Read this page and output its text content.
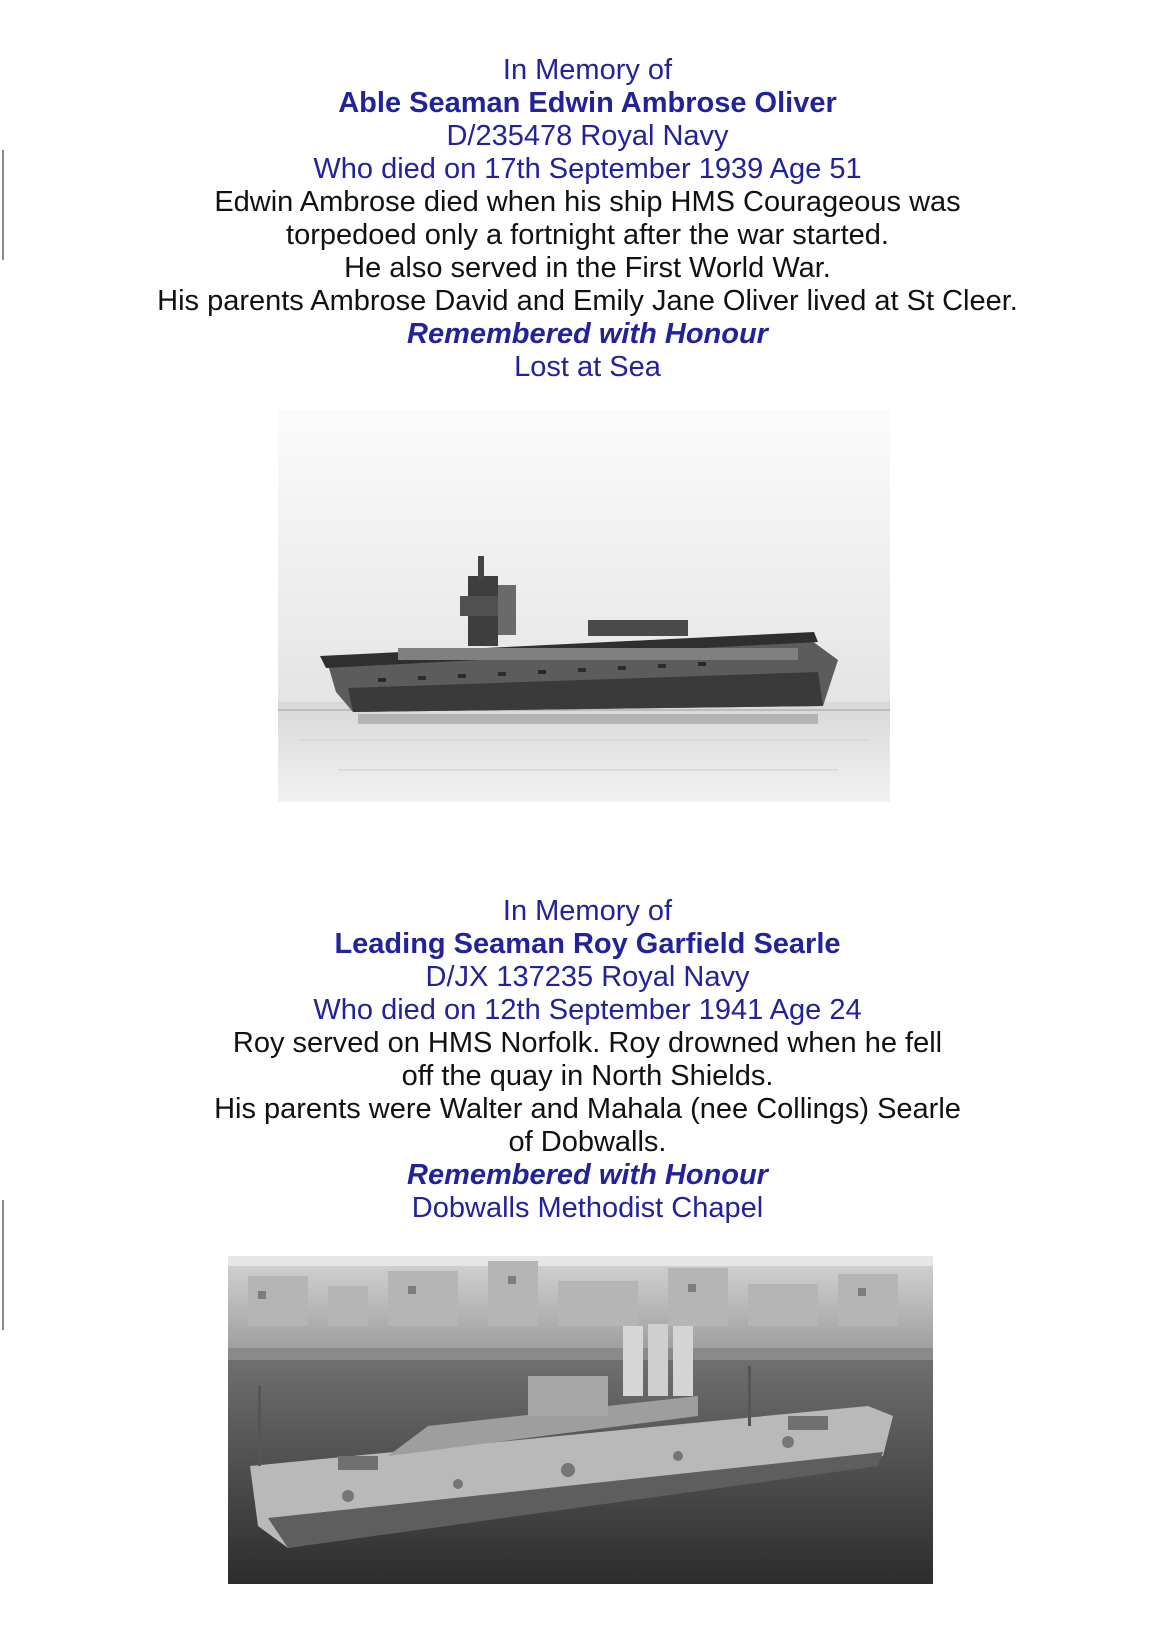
In Memory of
Able Seaman Edwin Ambrose Oliver
D/235478 Royal Navy
Who died on 17th September 1939 Age 51
Edwin Ambrose died when his ship HMS Courageous was
torpedoed only a fortnight after the war started.
He also served in the First World War.
His parents Ambrose David and Emily Jane Oliver lived at St Cleer.
Remembered with Honour
Lost at Sea
In Memory of
Leading Seaman Roy Garfield Searle
D/JX 137235 Royal Navy
Who died on 12th September 1941 Age 24
Roy served on HMS Norfolk. Roy drowned when he fell
off the quay in North Shields.
His parents were Walter and Mahala (nee Collings) Searle
of Dobwalls.
Remembered with Honour
Dobwalls Methodist Chapel
